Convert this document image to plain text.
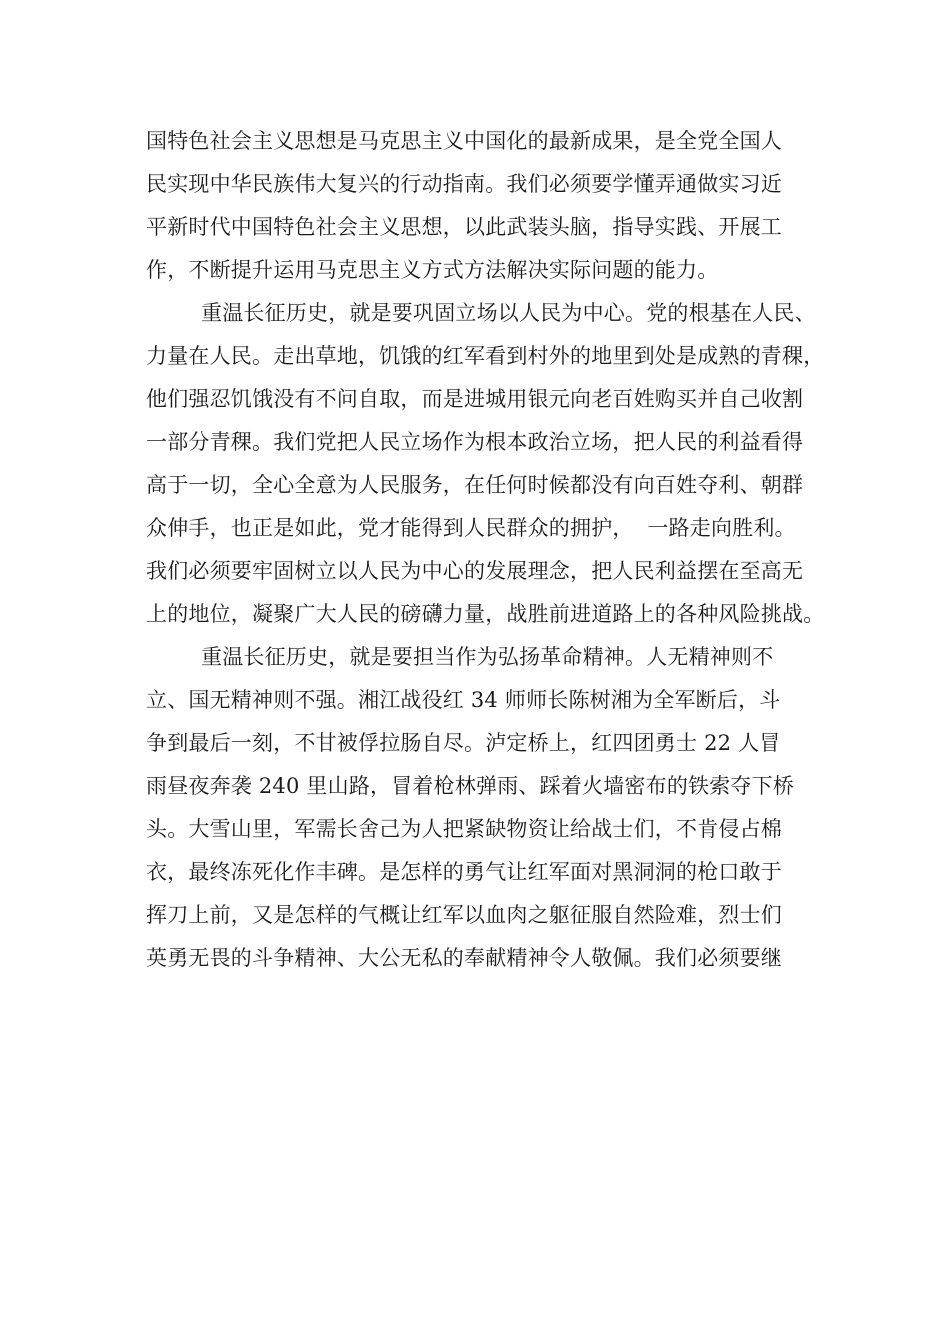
国特色社会主义思想是马克思主义中国化的最新成果，是全党全国人
民实现中华民族伟大复兴的行动指南。我们必须要学懂弄通做实习近
平新时代中国特色社会主义思想，以此武装头脑，指导实践、开展工
作，不断提升运用马克思主义方式方法解决实际问题的能力。
重温长征历史，就是要巩固立场以人民为中心。党的根基在人民、
力量在人民。走出草地，饥饿的红军看到村外的地里到处是成熟的青稞，
他们强忍饥饿没有不问自取，而是进城用银元向老百姓购买并自己收割
一部分青稞。我们党把人民立场作为根本政治立场，把人民的利益看得
高于一切，全心全意为人民服务，在任何时候都没有向百姓夺利、朝群
众伸手，也正是如此，党才能得到人民群众的拥护，  一路走向胜利。
我们必须要牢固树立以人民为中心的发展理念，把人民利益摆在至高无
上的地位，凝聚广大人民的磅礴力量，战胜前进道路上的各种风险挑战。
重温长征历史，就是要担当作为弘扬革命精神。人无精神则不
立、国无精神则不强。湘江战役红 34 师师长陈树湘为全军断后，斗
争到最后一刻，不甘被俘拉肠自尽。泸定桥上，红四团勇士 22 人冒
雨昼夜奔袭 240 里山路，冒着枪林弹雨、踩着火墙密布的铁索夺下桥
头。大雪山里，军需长舍己为人把紧缺物资让给战士们，不肯侵占棉
衣，最终冻死化作丰碑。是怎样的勇气让红军面对黑洞洞的枪口敢于
挥刀上前，又是怎样的气概让红军以血肉之躯征服自然险难，烈士们
英勇无畏的斗争精神、大公无私的奉献精神令人敬佩。我们必须要继
